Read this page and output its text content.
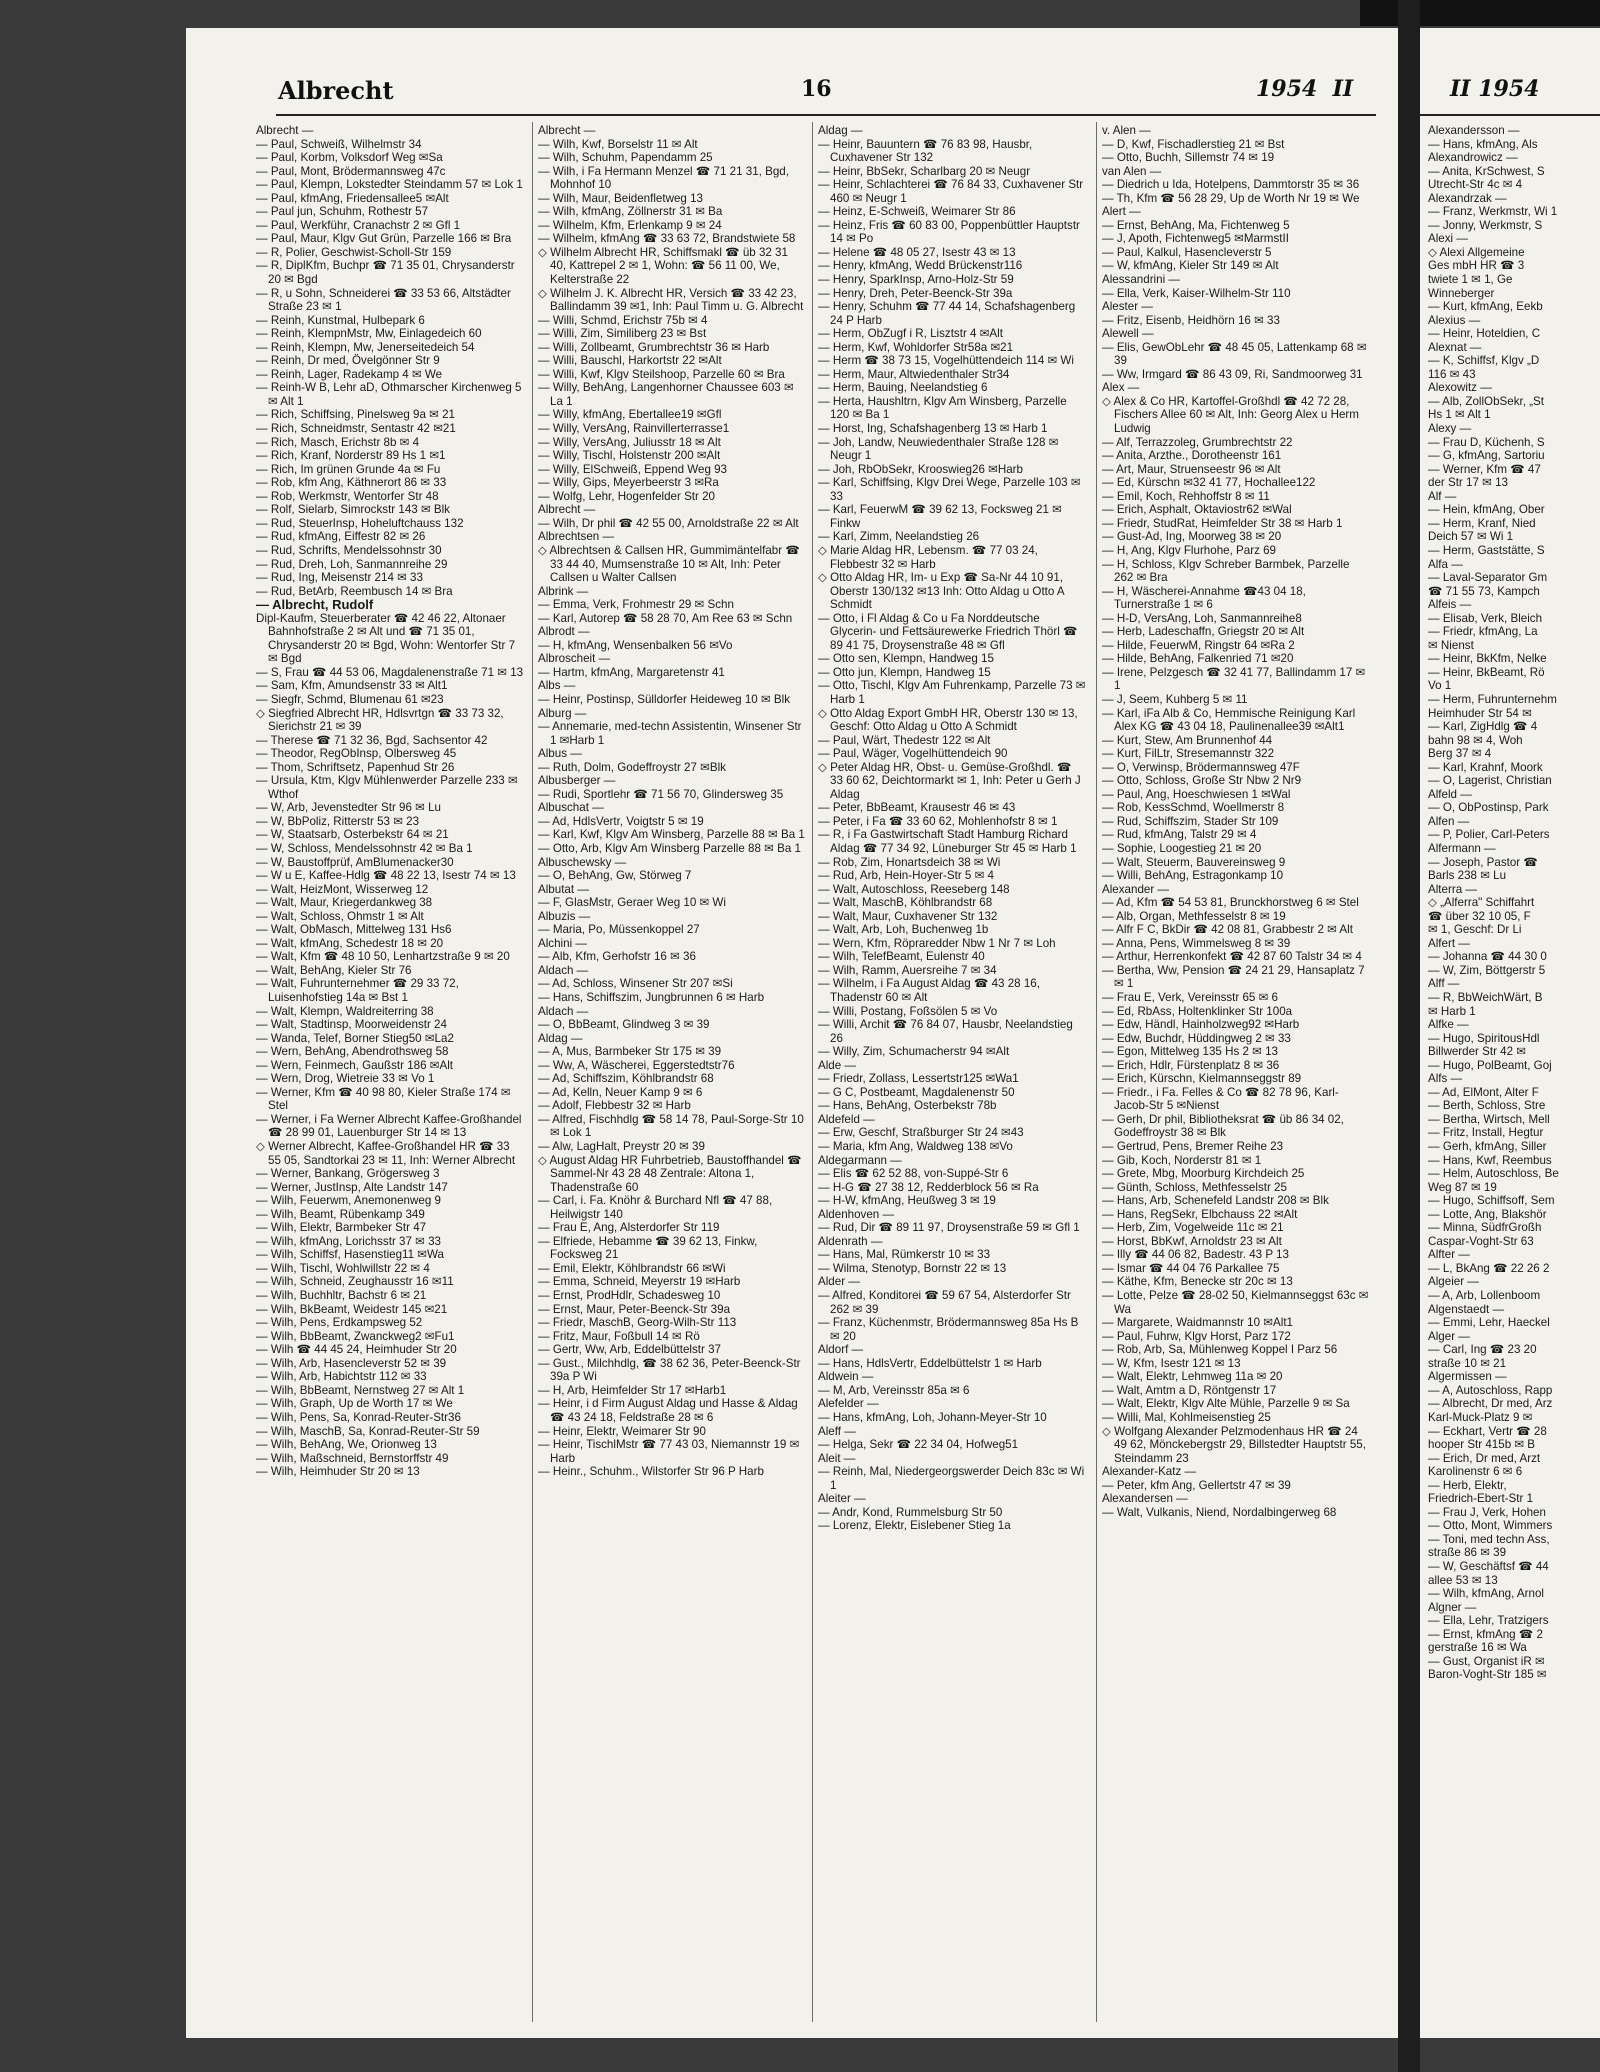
Albrecht	16	1954 II
Albrecht —
— Paul, Schweiß, Wilhelmstr 34
— Paul, Korbm, Volksdorf Weg ✉Sa
— Paul, Mont, Brödermannsweg 47c
— Paul, Klempn, Lokstedter Steindamm 57 ✉ Lok 1
— Paul, kfmAng, Friedensallee5 ✉Alt
— Paul jun, Schuhm, Rothestr 57
— Paul, Werkführ, Cranachstr 2 ✉ Gfl 1
— Paul, Maur, Klgv Gut Grün, Parzelle 166 ✉ Bra
— R, Polier, Geschwist-Scholl-Str 159
— R, DiplKfm, Buchpr ☎ 71 35 01, Chrysanderstr 20 ✉ Bgd
— R, u Sohn, Schneiderei ☎ 33 53 66, Altstädter Straße 23 ✉ 1
— Reinh, Kunstmal, Hulbepark 6
— Reinh, KlempnMstr, Mw, Einlagedeich 60
— Reinh, Klempn, Mw, Jenerseitedeich 54
— Reinh, Dr med, Övelgönner Str 9
— Reinh, Lager, Radekamp 4 ✉ We
— Reinh-W B, Lehr aD, Othmarscher Kirchenweg 5 ✉ Alt 1
— Rich, Schiffsing, Pinelsweg 9a ✉ 21
— Rich, Schneidmstr, Sentastr 42 ✉21
— Rich, Masch, Erichstr 8b ✉ 4
— Rich, Kranf, Norderstr 89 Hs 1 ✉1
— Rich, Im grünen Grunde 4a ✉ Fu
— Rob, kfm Ang, Käthnerort 86 ✉ 33
— Rob, Werkmstr, Wentorfer Str 48
— Rolf, Sielarb, Simrockstr 143 ✉ Blk
— Rud, SteuerInsp, Hoheluftchauss 132
— Rud, kfmAng, Eiffestr 82 ✉ 26
— Rud, Schrifts, Mendelssohnstr 30
— Rud, Dreh, Loh, Sanmannreihe 29
— Rud, Ing, Meisenstr 214 ✉ 33
— Rud, BetArb, Reembusch 14 ✉ Bra
— Albrecht, Rudolf
Dipl-Kaufm, Steuerberater ☎ 42 46 22, Altonaer Bahnhofstraße 2 ✉ Alt und ☎ 71 35 01, Chrysanderstr 20 ✉ Bgd, Wohn: Wentorfer Str 7 ✉ Bgd
— S, Frau ☎ 44 53 06, Magdalenenstraße 71 ✉ 13
— Sam, Kfm, Amundsenstr 33 ✉ Alt1
— Siegfr, Schmd, Blumenau 61 ✉23
◇ Siegfried Albrecht HR, Hdlsvrtgn ☎ 33 73 32, Sierichstr 21 ✉ 39
— Therese ☎ 71 32 36, Bgd, Sachsentor 42
— Theodor, RegObInsp, Olbersweg 45
— Thom, Schriftsetz, Papenhud Str 26
— Ursula, Ktm, Klgv Mühlenwerder Parzelle 233 ✉ Wthof
— W, Arb, Jevenstedter Str 96 ✉ Lu
— W, BbPoliz, Ritterstr 53 ✉ 23
— W, Staatsarb, Osterbekstr 64 ✉ 21
— W, Schloss, Mendelssohnstr 42 ✉ Ba 1
— W, Baustoffprüf, AmBlumenacker30
— W u E, Kaffee-Hdlg ☎ 48 22 13, Isestr 74 ✉ 13
— Walt, HeizMont, Wisserweg 12
— Walt, Maur, Kriegerdankweg 38
— Walt, Schloss, Ohmstr 1 ✉ Alt
— Walt, ObMasch, Mittelweg 131 Hs6
— Walt, kfmAng, Schedestr 18 ✉ 20
— Walt, Kfm ☎ 48 10 50, Lenhartzstraße 9 ✉ 20
— Walt, BehAng, Kieler Str 76
— Walt, Fuhrunternehmer ☎ 29 33 72, Luisenhofstieg 14a ✉ Bst 1
— Walt, Klempn, Waldreiterring 38
— Walt, Stadtinsp, Moorweidenstr 24
— Wanda, Telef, Borner Stieg50 ✉La2
— Wern, BehAng, Abendrothsweg 58
— Wern, Feinmech, Gaußstr 186 ✉Alt
— Wern, Drog, Wietreie 33 ✉ Vo 1
— Werner, Kfm ☎ 40 98 80, Kieler Straße 174 ✉ Stel
— Werner, i Fa Werner Albrecht Kaffee-Großhandel ☎ 28 99 01, Lauenburger Str 14 ✉ 13
◇ Werner Albrecht, Kaffee-Großhandel HR ☎ 33 55 05, Sandtorkai 23 ✉ 11, Inh: Werner Albrecht
— Werner, Bankang, Grögersweg 3
— Werner, JustInsp, Alte Landstr 147
— Wilh, Feuerwm, Anemonenweg 9
— Wilh, Beamt, Rübenkamp 349
— Wilh, Elektr, Barmbeker Str 47
— Wilh, kfmAng, Lorichsstr 37 ✉ 33
— Wilh, Schiffsf, Hasenstieg11 ✉Wa
— Wilh, Tischl, Wohlwillstr 22 ✉ 4
— Wilh, Schneid, Zeughausstr 16 ✉11
— Wilh, Buchhltr, Bachstr 6 ✉ 21
— Wilh, BkBeamt, Weidestr 145 ✉21
— Wilh, Pens, Erdkampsweg 52
— Wilh, BbBeamt, Zwanckweg2 ✉Fu1
— Wilh ☎ 44 45 24, Heimhuder Str 20
— Wilh, Arb, Hasencleverstr 52 ✉ 39
— Wilh, Arb, Habichtstr 112 ✉ 33
— Wilh, BbBeamt, Nernstweg 27 ✉ Alt 1
— Wilh, Graph, Up de Worth 17 ✉ We
— Wilh, Pens, Sa, Konrad-Reuter-Str36
— Wilh, MaschB, Sa, Konrad-Reuter-Str 59
— Wilh, BehAng, We, Orionweg 13
— Wilh, Maßschneid, Bernstorffstr 49
— Wilh, Heimhuder Str 20 ✉ 13
Albrecht —
— Wilh, Kwf, Borselstr 11 ✉ Alt
— Wilh, Schuhm, Papendamm 25
— Wilh, i Fa Hermann Menzel ☎ 71 21 31, Bgd, Mohnhof 10
— Wilh, Maur, Beidenfletweg 13
— Wilh, kfmAng, Zöllnerstr 31 ✉ Ba
— Wilhelm, Kfm, Erlenkamp 9 ✉ 24
— Wilhelm, kfmAng ☎ 33 63 72, Brandstwiete 58
◇ Wilhelm Albrecht HR, Schiffsmakl ☎ üb 32 31 40, Kattrepel 2 ✉ 1, Wohn: ☎ 56 11 00, We, Kelterstraße 22
◇ Wilhelm J. K. Albrecht HR, Versich ☎ 33 42 23, Ballindamm 39 ✉1, Inh: Paul Timm u. G. Albrecht
— Willi, Schmd, Erichstr 75b ✉ 4
— Willi, Zim, Similiberg 23 ✉ Bst
— Willi, Zollbeamt, Grumbrechtstr 36 ✉ Harb
— Willi, Bauschl, Harkortstr 22 ✉Alt
— Willi, Kwf, Klgv Steilshoop, Parzelle 60 ✉ Bra
— Willy, BehAng, Langenhorner Chaussee 603 ✉ La 1
— Willy, kfmAng, Ebertallee19 ✉Gfl
— Willy, VersAng, Rainvillerterrasse1
— Willy, VersAng, Juliusstr 18 ✉ Alt
— Willy, Tischl, Holstenstr 200 ✉Alt
— Willy, ElSchweiß, Eppend Weg 93
— Willy, Gips, Meyerbeerstr 3 ✉Ra
— Wolfg, Lehr, Hogenfelder Str 20
Albrecht —
— Wilh, Dr phil ☎ 42 55 00, Arnoldstraße 22 ✉ Alt
Albrechtsen —
◇ Albrechtsen & Callsen HR, Gummimäntelfabr ☎ 33 44 40, Mumsenstraße 10 ✉ Alt, Inh: Peter Callsen u Walter Callsen
Albrink —
— Emma, Verk, Frohmestr 29 ✉ Schn
— Karl, Autorep ☎ 58 28 70, Am Ree 63 ✉ Schn
Albrodt —
— H, kfmAng, Wensenbalken 56 ✉Vo
Albroscheit —
— Hartm, kfmAng, Margaretenstr 41
Albs —
— Heinr, Postinsp, Sülldorfer Heideweg 10 ✉ Blk
Alburg —
— Annemarie, med-techn Assistentin, Winsener Str 1 ✉Harb 1
Albus —
— Ruth, Dolm, Godeffroystr 27 ✉Blk
Albusberger —
— Rudi, Sportlehr ☎ 71 56 70, Glindersweg 35
Albuschat —
— Ad, HdlsVertr, Voigtstr 5 ✉ 19
— Karl, Kwf, Klgv Am Winsberg, Parzelle 88 ✉ Ba 1
— Otto, Arb, Klgv Am Winsberg Parzelle 88 ✉ Ba 1
Albuschewsky —
— O, BehAng, Gw, Störweg 7
Albutat —
— F, GlasMstr, Geraer Weg 10 ✉ Wi
Albuzis —
— Maria, Po, Müssenkoppel 27
Alchini —
— Alb, Kfm, Gerhofstr 16 ✉ 36
Aldach —
— Ad, Schloss, Winsener Str 207 ✉Si
— Hans, Schiffszim, Jungbrunnen 6 ✉ Harb
Aldach —
— O, BbBeamt, Glindweg 3 ✉ 39
Aldag —
— A, Mus, Barmbeker Str 175 ✉ 39
— Ww, A, Wäscherei, Eggerstedtstr76
— Ad, Schiffszim, Köhlbrandstr 68
— Ad, Kelln, Neuer Kamp 9 ✉ 6
— Adolf, Flebbestr 32 ✉ Harb
— Alfred, Fischhdlg ☎ 58 14 78, Paul-Sorge-Str 10 ✉ Lok 1
— Alw, LagHalt, Preystr 20 ✉ 39
◇ August Aldag HR Fuhrbetrieb, Baustoffhandel ☎ Sammel-Nr 43 28 48 Zentrale: Altona 1, Thadenstraße 60
— Carl, i. Fa. Knöhr & Burchard Nfl ☎ 47 88, Heilwigstr 140
— Frau E, Ang, Alsterdorfer Str 119
— Elfriede, Hebamme ☎ 39 62 13, Finkw, Focksweg 21
— Emil, Elektr, Köhlbrandstr 66 ✉Wi
— Emma, Schneid, Meyerstr 19 ✉Harb
— Ernst, ProdHdlr, Schadesweg 10
— Ernst, Maur, Peter-Beenck-Str 39a
— Friedr, MaschB, Georg-Wilh-Str 113
— Fritz, Maur, Foßbull 14 ✉ Rö
— Gertr, Ww, Arb, Eddelbüttelstr 37
— Gust., Milchhdlg, ☎ 38 62 36, Peter-Beenck-Str 39a P Wi
— H, Arb, Heimfelder Str 17 ✉Harb1
— Heinr, i d Firm August Aldag und Hasse & Aldag ☎ 43 24 18, Feldstraße 28 ✉ 6
— Heinr, Elektr, Weimarer Str 90
— Heinr, TischlMstr ☎ 77 43 03, Niemannstr 19 ✉ Harb
— Heinr., Schuhm., Wilstorfer Str 96 P Harb
Aldag —
— Heinr, Bauuntern ☎ 76 83 98, Hausbr, Cuxhavener Str 132
— Heinr, BbSekr, Scharlbarg 20 ✉ Neugr
— Heinr, Schlachterei ☎ 76 84 33, Cuxhavener Str 460 ✉ Neugr 1
— Heinz, E-Schweiß, Weimarer Str 86
— Heinz, Fris ☎ 60 83 00, Poppenbüttler Hauptstr 14 ✉ Po
— Helene ☎ 48 05 27, Isestr 43 ✉ 13
— Henry, kfmAng, Wedd Brückenstr116
— Henry, SparkInsp, Arno-Holz-Str 59
— Henry, Dreh, Peter-Beenck-Str 39a
— Henry, Schuhm ☎ 77 44 14, Schafshagenberg 24 P Harb
— Herm, ObZugf i R, Lisztstr 4 ✉Alt
— Herm, Kwf, Wohldorfer Str58a ✉21
— Herm ☎ 38 73 15, Vogelhüttendeich 114 ✉ Wi
— Herm, Maur, Altwiedenthaler Str34
— Herm, Bauing, Neelandstieg 6
— Herta, Haushltrn, Klgv Am Winsberg, Parzelle 120 ✉ Ba 1
— Horst, Ing, Schafshagenberg 13 ✉ Harb 1
— Joh, Landw, Neuwiedenthaler Straße 128 ✉ Neugr 1
— Joh, RbObSekr, Krooswieg26 ✉Harb
— Karl, Schiffsing, Klgv Drei Wege, Parzelle 103 ✉ 33
— Karl, FeuerwM ☎ 39 62 13, Focksweg 21 ✉ Finkw
— Karl, Zimm, Neelandstieg 26
◇ Marie Aldag HR, Lebensm. ☎ 77 03 24, Flebbestr 32 ✉ Harb
◇ Otto Aldag HR, Im- u Exp ☎ Sa-Nr 44 10 91, Oberstr 130/132 ✉13 Inh: Otto Aldag u Otto A Schmidt
— Otto, i Fl Aldag & Co u Fa Norddeutsche Glycerin- und Fettsäurewerke Friedrich Thörl ☎ 89 41 75, Droysenstraße 48 ✉ Gfl
— Otto sen, Klempn, Handweg 15
— Otto jun, Klempn, Handweg 15
— Otto, Tischl, Klgv Am Fuhrenkamp, Parzelle 73 ✉ Harb 1
◇ Otto Aldag Export GmbH HR, Oberstr 130 ✉ 13, Geschf: Otto Aldag u Otto A Schmidt
— Paul, Wärt, Thedestr 122 ✉ Alt
— Paul, Wäger, Vogelhüttendeich 90
◇ Peter Aldag HR, Obst- u. Gemüse-Großhdl. ☎ 33 60 62, Deichtormarkt ✉ 1, Inh: Peter u Gerh J Aldag
— Peter, BbBeamt, Krausestr 46 ✉ 43
— Peter, i Fa ☎ 33 60 62, Mohlenhofstr 8 ✉ 1
— R, i Fa Gastwirtschaft Stadt Hamburg Richard Aldag ☎ 77 34 92, Lüneburger Str 45 ✉ Harb 1
— Rob, Zim, Honartsdeich 38 ✉ Wi
— Rud, Arb, Hein-Hoyer-Str 5 ✉ 4
— Walt, Autoschloss, Reeseberg 148
— Walt, MaschB, Köhlbrandstr 68
— Walt, Maur, Cuxhavener Str 132
— Walt, Arb, Loh, Buchenweg 1b
— Wern, Kfm, Röpraredder Nbw 1 Nr 7 ✉ Loh
— Wilh, TelefBeamt, Eulenstr 40
— Wilh, Ramm, Auersreihe 7 ✉ 34
— Wilhelm, i Fa August Aldag ☎ 43 28 16, Thadenstr 60 ✉ Alt
— Willi, Postang, Foßsölen 5 ✉ Vo
— Willi, Archit ☎ 76 84 07, Hausbr, Neelandstieg 26
— Willy, Zim, Schumacherstr 94 ✉Alt
Alde —
— Friedr, Zollass, Lessertstr125 ✉Wa1
— G C, Postbeamt, Magdalenenstr 50
— Hans, BehAng, Osterbekstr 78b
Aldefeld —
— Erw, Geschf, Straßburger Str 24 ✉43
— Maria, kfm Ang, Waldweg 138 ✉Vo
Aldegarmann —
— Elis ☎ 62 52 88, von-Suppé-Str 6
— H-G ☎ 27 38 12, Redderblock 56 ✉ Ra
— H-W, kfmAng, Heußweg 3 ✉ 19
Aldenhoven —
— Rud, Dir ☎ 89 11 97, Droysenstraße 59 ✉ Gfl 1
Aldenrath —
— Hans, Mal, Rümkerstr 10 ✉ 33
— Wilma, Stenotyp, Bornstr 22 ✉ 13
Alder —
— Alfred, Konditorei ☎ 59 67 54, Alsterdorfer Str 262 ✉ 39
— Franz, Küchenmstr, Brödermannsweg 85a Hs B ✉ 20
Aldorf —
— Hans, HdlsVertr, Eddelbüttelstr 1 ✉ Harb
Aldwein —
— M, Arb, Vereinsstr 85a ✉ 6
Alefelder —
— Hans, kfmAng, Loh, Johann-Meyer-Str 10
Aleff —
— Helga, Sekr ☎ 22 34 04, Hofweg51
Aleit —
— Reinh, Mal, Niedergeorgswerder Deich 83c ✉ Wi 1
Aleiter —
— Andr, Kond, Rummelsburg Str 50
— Lorenz, Elektr, Eislebener Stieg 1a
v. Alen —
— D, Kwf, Fischadlerstieg 21 ✉ Bst
— Otto, Buchh, Sillemstr 74 ✉ 19
van Alen —
— Diedrich u Ida, Hotelpens, Dammtorstr 35 ✉ 36
— Th, Kfm ☎ 56 28 29, Up de Worth Nr 19 ✉ We
Alert —
— Ernst, BehAng, Ma, Fichtenweg 5
— J, Apoth, Fichtenweg5 ✉MarmstII
— Paul, Kalkul, Hasencleverstr 5
— W, kfmAng, Kieler Str 149 ✉ Alt
Alessandrini —
— Ella, Verk, Kaiser-Wilhelm-Str 110
Alester —
— Fritz, Eisenb, Heidhörn 16 ✉ 33
Alewell —
— Elis, GewObLehr ☎ 48 45 05, Lattenkamp 68 ✉ 39
— Ww, Irmgard ☎ 86 43 09, Ri, Sandmoorweg 31
Alex —
◇ Alex & Co HR, Kartoffel-Großhdl ☎ 42 72 28, Fischers Allee 60 ✉ Alt, Inh: Georg Alex u Herm Ludwig
— Alf, Terrazzoleg, Grumbrechtstr 22
— Anita, Arzthe., Dorotheenstr 161
— Art, Maur, Struenseestr 96 ✉ Alt
— Ed, Kürschn ✉32 41 77, Hochallee122
— Emil, Koch, Rehhoffstr 8 ✉ 11
— Erich, Asphalt, Oktaviostr62 ✉Wal
— Friedr, StudRat, Heimfelder Str 38 ✉ Harb 1
— Gust-Ad, Ing, Moorweg 38 ✉ 20
— H, Ang, Klgv Flurhohe, Parz 69
— H, Schloss, Klgv Schreber Barmbek, Parzelle 262 ✉ Bra
— H, Wäscherei-Annahme ☎43 04 18, Turnerstraße 1 ✉ 6
— H-D, VersAng, Loh, Sanmannreihe8
— Herb, Ladeschaffn, Griegstr 20 ✉ Alt
— Hilde, FeuerwM, Ringstr 64 ✉Ra 2
— Hilde, BehAng, Falkenried 71 ✉20
— Irene, Pelzgesch ☎ 32 41 77, Ballindamm 17 ✉ 1
— J, Seem, Kuhberg 5 ✉ 11
— Karl, iFa Alb & Co, Hemmische Reinigung Karl Alex KG ☎ 43 04 18, Paulinenallee39 ✉Alt1
— Kurt, Stew, Am Brunnenhof 44
— Kurt, FilLtr, Stresemannstr 322
— O, Verwinsp, Brödermannsweg 47F
— Otto, Schloss, Große Str Nbw 2 Nr9
— Paul, Ang, Hoeschwiesen 1 ✉Wal
— Rob, KessSchmd, Woellmerstr 8
— Rud, Schiffszim, Stader Str 109
— Rud, kfmAng, Talstr 29 ✉ 4
— Sophie, Loogestieg 21 ✉ 20
— Walt, Steuerm, Bauvereinsweg 9
— Willi, BehAng, Estragonkamp 10
Alexander —
— Ad, Kfm ☎ 54 53 81, Brunckhorstweg 6 ✉ Stel
— Alb, Organ, Methfesselstr 8 ✉ 19
— Alfr F C, BkDir ☎ 42 08 81, Grabbestr 2 ✉ Alt
— Anna, Pens, Wimmelsweg 8 ✉ 39
— Arthur, Herrenkonfekt ☎ 42 87 60 Talstr 34 ✉ 4
— Bertha, Ww, Pension ☎ 24 21 29, Hansaplatz 7 ✉ 1
— Frau E, Verk, Vereinsstr 65 ✉ 6
— Ed, RbAss, Holtenklinker Str 100a
— Edw, Händl, Hainholzweg92 ✉Harb
— Edw, Buchdr, Hüddingweg 2 ✉ 33
— Egon, Mittelweg 135 Hs 2 ✉ 13
— Erich, Hdlr, Fürstenplatz 8 ✉ 36
— Erich, Kürschn, Kielmannseggstr 89
— Friedr., i Fa. Felles & Co ☎ 82 78 96, Karl-Jacob-Str 5 ✉Nienst
— Gerh, Dr phil, Bibliotheksrat ☎ üb 86 34 02, Godeffroystr 38 ✉ Blk
— Gertrud, Pens, Bremer Reihe 23
— Gib, Koch, Norderstr 81 ✉ 1
— Grete, Mbg, Moorburg Kirchdeich 25
— Günth, Schloss, Methfesselstr 25
— Hans, Arb, Schenefeld Landstr 208 ✉ Blk
— Hans, RegSekr, Elbchauss 22 ✉Alt
— Herb, Zim, Vogelweide 11c ✉ 21
— Horst, BbKwf, Arnoldstr 23 ✉ Alt
— Illy ☎ 44 06 82, Badestr. 43 P 13
— Ismar ☎ 44 04 76 Parkallee 75
— Käthe, Kfm, Benecke str 20c ✉ 13
— Lotte, Pelze ☎ 28-02 50, Kielmannseggst 63c ✉ Wa
— Margarete, Waidmannstr 10 ✉Alt1
— Paul, Fuhrw, Klgv Horst, Parz 172
— Rob, Arb, Sa, Mühlenweg Koppel I Parz 56
— W, Kfm, Isestr 121 ✉ 13
— Walt, Elektr, Lehmweg 11a ✉ 20
— Walt, Amtm a D, Röntgenstr 17
— Walt, Elektr, Klgv Alte Mühle, Parzelle 9 ✉ Sa
— Willi, Mal, Kohlmeisenstieg 25
◇ Wolfgang Alexander Pelzmodenhaus HR ☎ 24 49 62, Mönckebergstr 29, Billstedter Hauptstr 55, Steindamm 23
Alexander-Katz —
— Peter, kfm Ang, Gellertstr 47 ✉ 39
Alexandersen —
— Walt, Vulkanis, Niend, Nordalbingerweg 68
II 1954
Alexandersson —
— Hans, kfmAng, Als
Alexandrowicz —
— Anita, KrSchwest, S
Utrecht-Str 4c ✉ 4
Alexandrzak —
— Franz, Werkmstr, Wi 1
— Jonny, Werkmstr, S
Alexi —
◇ Alexi Allgemeine
Ges mbH HR ☎ 3
twiete 1 ✉ 1, Ge
Winneberger
— Kurt, kfmAng, Eekb
Alexius —
— Heinr, Hoteldien, C
Alexnat —
— K, Schiffsf, Klgv „D
116 ✉ 43
Alexowitz —
— Alb, ZollObSekr, „St
Hs 1 ✉ Alt 1
Alexy —
— Frau D, Küchenh, S
— G, kfmAng, Sartoriu
— Werner, Kfm ☎ 47
der Str 17 ✉ 13
Alf —
— Hein, kfmAng, Ober
— Herm, Kranf, Nied
Deich 57 ✉ Wi 1
— Herm, Gaststätte, S
Alfa —
— Laval-Separator Gm
☎ 71 55 73, Kampch
Alfeis —
— Elisab, Verk, Bleich
— Friedr, kfmAng, La
✉ Nienst
— Heinr, BkKfm, Nelke
— Heinr, BkBeamt, Rö
Vo 1
— Herm, Fuhrunternehm
Heimhuder Str 54 ✉
— Karl, ZigHdlg ☎ 4
bahn 98 ✉ 4, Woh
Berg 37 ✉ 4
— Karl, Krahnf, Moork
— O, Lagerist, Christian
Alfeld —
— O, ObPostinsp, Park
Alfen —
— P, Polier, Carl-Peters
Alfermann —
— Joseph, Pastor ☎
Barls 238 ✉ Lu
Alterra —
◇ „Alferra" Schiffahrt
☎ über 32 10 05, F
✉ 1, Geschf: Dr Li
Alfert —
— Johanna ☎ 44 30 0
— W, Zim, Böttgerstr 5
Alff —
— R, BbWeichWärt, B
✉ Harb 1
Alfke —
— Hugo, SpiritousHdl
Billwerder Str 42 ✉
— Hugo, PolBeamt, Goj
Alfs —
— Ad, ElMont, Alter F
— Berth, Schloss, Stre
— Bertha, Wirtsch, Mell
— Fritz, Install, Hegtur
— Gerh, kfmAng, Siller
— Hans, Kwf, Reembus
— Helm, Autoschloss, Be
Weg 87 ✉ 19
— Hugo, Schiffsoff, Sem
— Lotte, Ang, Blakshör
— Minna, SüdfrGroßh
Caspar-Voght-Str 63
Alfter —
— L, BkAng ☎ 22 26 2
Algeier —
— A, Arb, Lollenboom
Algenstaedt —
— Emmi, Lehr, Haeckel
Alger —
— Carl, Ing ☎ 23 20
straße 10 ✉ 21
Algermissen —
— A, Autoschloss, Rapp
— Albrecht, Dr med, Arz
Karl-Muck-Platz 9 ✉
— Eckhart, Vertr ☎ 28
hooper Str 415b ✉ B
— Erich, Dr med, Arzt
Karolinenstr 6 ✉ 6
— Herb, Elektr,
Friedrich-Ebert-Str 1
— Frau J, Verk, Hohen
— Otto, Mont, Wimmers
— Toni, med techn Ass,
straße 86 ✉ 39
— W, Geschäftsf ☎ 44
allee 53 ✉ 13
— Wilh, kfmAng, Arnol
Algner —
— Ella, Lehr, Tratzigers
— Ernst, kfmAng ☎ 2
gerstraße 16 ✉ Wa
— Gust, Organist iR ✉
Baron-Voght-Str 185 ✉
